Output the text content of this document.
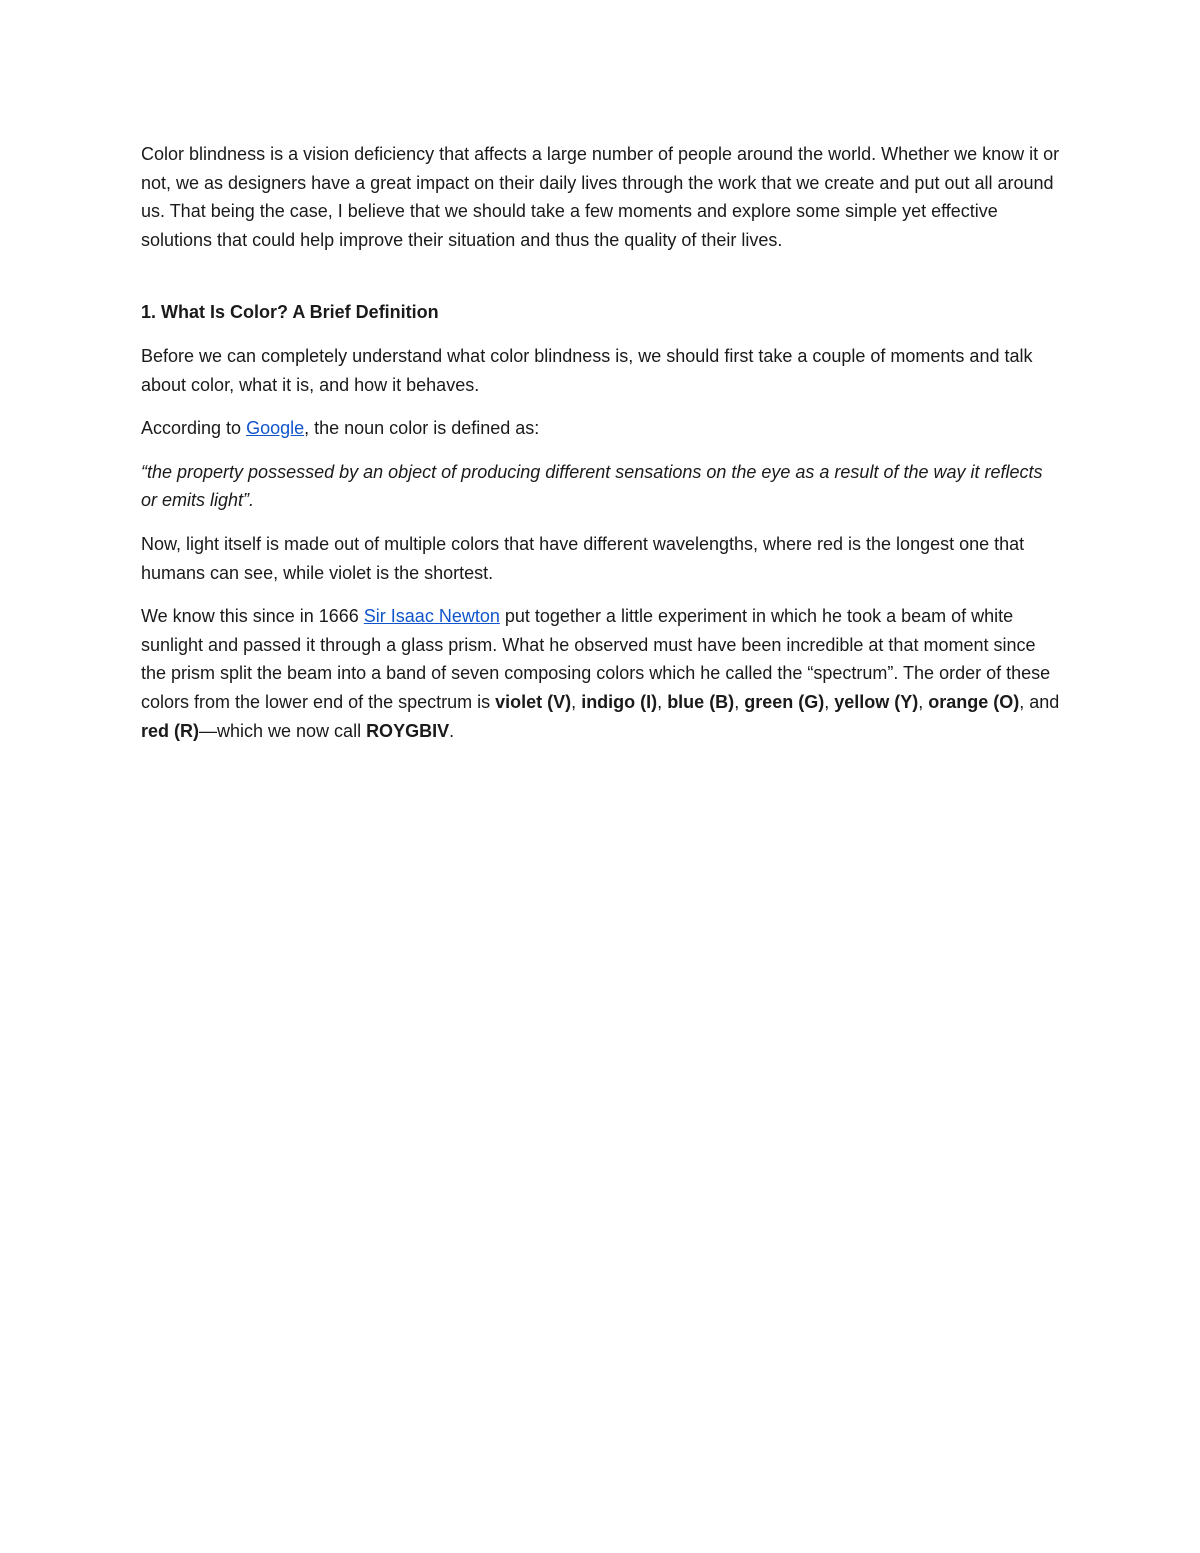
Color blindness is a vision deficiency that affects a large number of people around the world. Whether we know it or not, we as designers have a great impact on their daily lives through the work that we create and put out all around us. That being the case, I believe that we should take a few moments and explore some simple yet effective solutions that could help improve their situation and thus the quality of their lives.

1. What Is Color? A Brief Definition

Before we can completely understand what color blindness is, we should first take a couple of moments and talk about color, what it is, and how it behaves.

According to Google, the noun color is defined as:

“the property possessed by an object of producing different sensations on the eye as a result of the way it reflects or emits light”.

Now, light itself is made out of multiple colors that have different wavelengths, where red is the longest one that humans can see, while violet is the shortest.

We know this since in 1666 Sir Isaac Newton put together a little experiment in which he took a beam of white sunlight and passed it through a glass prism. What he observed must have been incredible at that moment since the prism split the beam into a band of seven composing colors which he called the “spectrum”. The order of these colors from the lower end of the spectrum is violet (V), indigo (I), blue (B), green (G), yellow (Y), orange (O), and red (R)—which we now call ROYGBIV.
